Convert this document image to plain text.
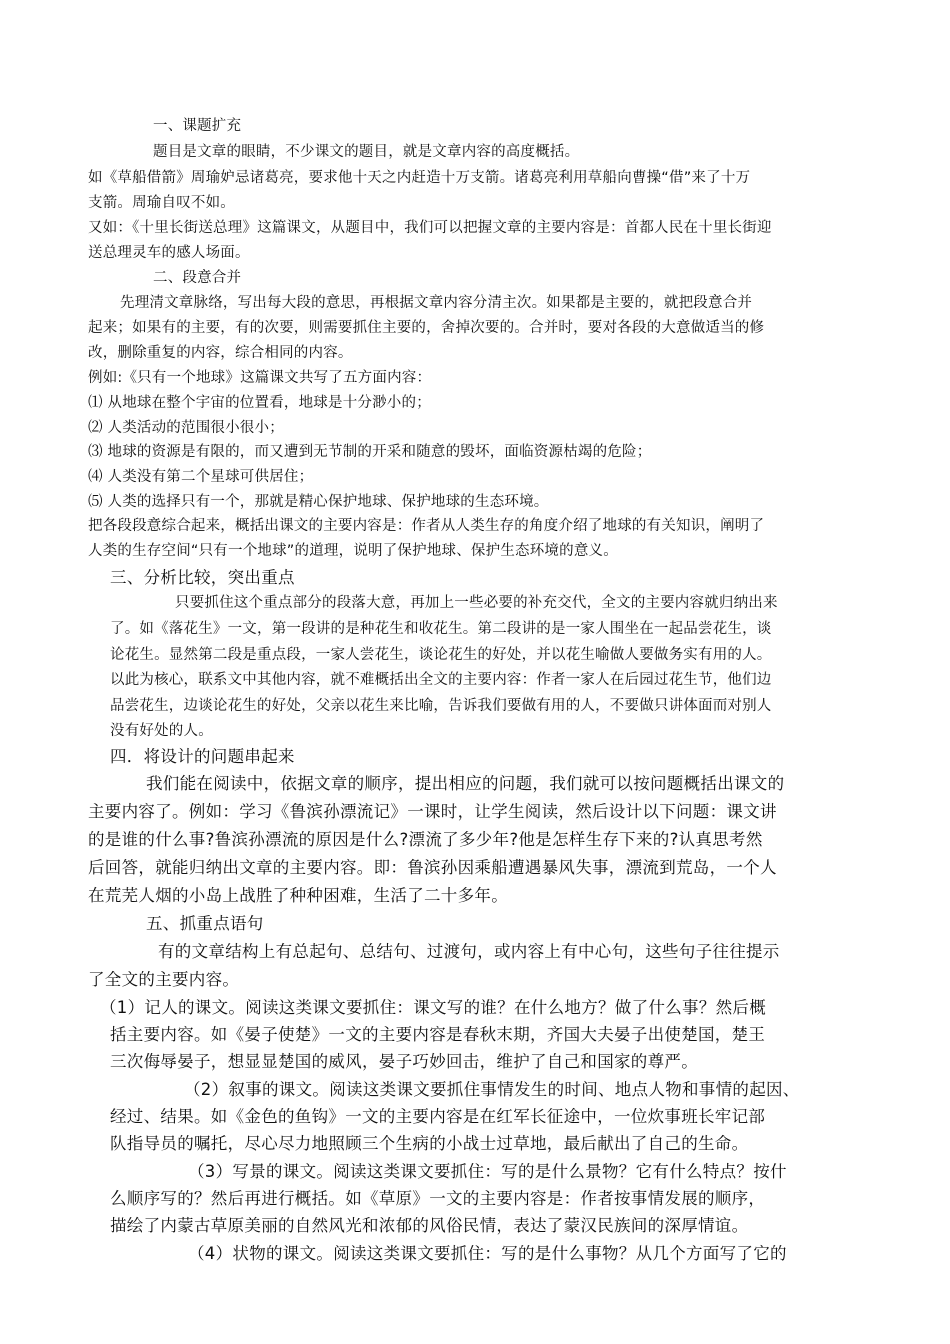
一、课题扩充
题目是文章的眼睛，不少课文的题目，就是文章内容的高度概括。
如《草船借箭》周瑜妒忌诸葛亮，要求他十天之内赶造十万支箭。诸葛亮利用草船向曹操“借”来了十万
支箭。周瑜自叹不如。
又如：《十里长街送总理》这篇课文，从题目中，我们可以把握文章的主要内容是：首都人民在十里长街迎
送总理灵车的感人场面。
二、段意合并
先理清文章脉络，写出每大段的意思，再根据文章内容分清主次。如果都是主要的，就把段意合并
起来；如果有的主要，有的次要，则需要抓住主要的，舍掉次要的。合并时，要对各段的大意做适当的修
改，删除重复的内容，综合相同的内容。
例如:《只有一个地球》这篇课文共写了五方面内容：
⑴ 从地球在整个宇宙的位置看，地球是十分渺小的；
⑵ 人类活动的范围很小很小；
⑶ 地球的资源是有限的，而又遭到无节制的开采和随意的毁坏，面临资源枯竭的危险；
⑷ 人类没有第二个星球可供居住；
⑸ 人类的选择只有一个，那就是精心保护地球、保护地球的生态环境。
把各段段意综合起来，概括出课文的主要内容是：作者从人类生存的角度介绍了地球的有关知识，阐明了
人类的生存空间“只有一个地球”的道理，说明了保护地球、保护生态环境的意义。
三、分析比较，突出重点
只要抓住这个重点部分的段落大意，再加上一些必要的补充交代，全文的主要内容就归纳出来
了。如《落花生》一文，第一段讲的是种花生和收花生。第二段讲的是一家人围坐在一起品尝花生，谈
论花生。显然第二段是重点段，一家人尝花生，谈论花生的好处，并以花生喻做人要做务实有用的人。
以此为核心，联系文中其他内容，就不难概括出全文的主要内容：作者一家人在后园过花生节，他们边
品尝花生，边谈论花生的好处，父亲以花生来比喻，告诉我们要做有用的人，不要做只讲体面而对别人
没有好处的人。
四．将设计的问题串起来
我们能在阅读中，依据文章的顺序，提出相应的问题，我们就可以按问题概括出课文的
主要内容了。例如：学习《鲁滨孙漂流记》一课时，让学生阅读，然后设计以下问题：课文讲
的是谁的什么事?鲁滨孙漂流的原因是什么?漂流了多少年?他是怎样生存下来的?认真思考然
后回答，就能归纳出文章的主要内容。即：鲁滨孙因乘船遭遇暴风失事，漂流到荒岛，一个人
在荒芜人烟的小岛上战胜了种种困难，生活了二十多年。
五、抓重点语句
有的文章结构上有总起句、总结句、过渡句，或内容上有中心句，这些句子往往提示
了全文的主要内容。
（1）记人的课文。阅读这类课文要抓住：课文写的谁？在什么地方？做了什么事？然后概
括主要内容。如《晏子使楚》一文的主要内容是春秋末期，齐国大夫晏子出使楚国，楚王
三次侮辱晏子，想显显楚国的威风，晏子巧妙回击，维护了自己和国家的尊严。
（2）叙事的课文。阅读这类课文要抓住事情发生的时间、地点人物和事情的起因、
经过、结果。如《金色的鱼钩》一文的主要内容是在红军长征途中，一位炊事班长牢记部
队指导员的嘱托，尽心尽力地照顾三个生病的小战士过草地，最后献出了自己的生命。
（3）写景的课文。阅读这类课文要抓住：写的是什么景物？它有什么特点？按什
么顺序写的？然后再进行概括。如《草原》一文的主要内容是：作者按事情发展的顺序，
描绘了内蒙古草原美丽的自然风光和浓郁的风俗民情，表达了蒙汉民族间的深厚情谊。
（4）状物的课文。阅读这类课文要抓住：写的是什么事物？从几个方面写了它的
